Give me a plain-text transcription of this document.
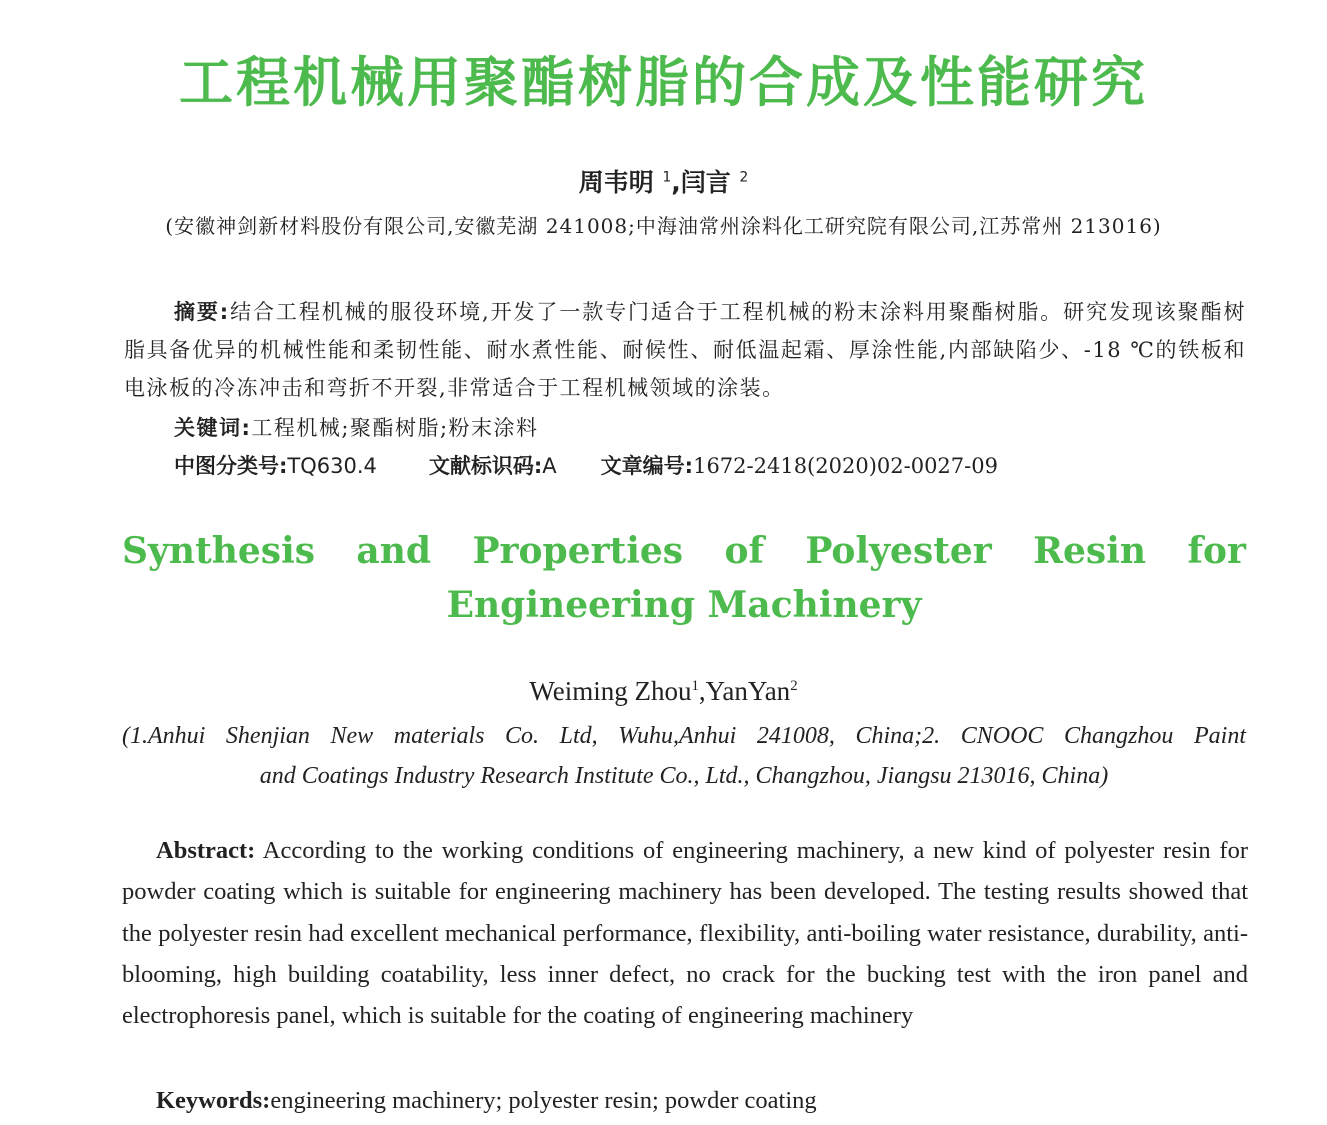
工程机械用聚酯树脂的合成及性能研究
周韦明 $^1$,闫言 $^2$
(安徽神剑新材料股份有限公司,安徽芜湖 241008;中海油常州涂料化工研究院有限公司,江苏常州 213016)

摘要:结合工程机械的服役环境,开发了一款专门适合于工程机械的粉末涂料用聚酯树脂。研究发现该聚酯树脂具备优异的机械性能和柔韧性能、耐水煮性能、耐候性、耐低温起霜、厚涂性能,内部缺陷少、-18 ℃的铁板和电泳板的冷冻冲击和弯折不开裂,非常适合于工程机械领域的涂装。

关键词:工程机械;聚酯树脂;粉末涂料
中图分类号:TQ630.4 文献标识码:A 文章编号:1672-2418(2020)02-0027-09
Synthesis and Properties of Polyester Resin for
Engineering Machinery
Weiming Zhou$^1$,YanYan$^2$

(1.Anhui Shenjian New materials Co. Ltd, Wuhu,Anhui 241008, China;2. CNOOC Changzhou Paint
and Coatings Industry Research Institute Co., Ltd., Changzhou, Jiangsu 213016, China)

Abstract: According to the working conditions of engineering machinery, a new kind of polyester resin for powder coating which is suitable for engineering machinery has been developed. The testing results showed that the polyester resin had excellent mechanical performance, flexibility, anti-boiling water resistance, durability, anti-blooming, high building coatability, less inner defect, no crack for the bucking test with the iron panel and electrophoresis panel, which is suitable for the coating of engineering machinery

Keywords:engineering machinery; polyester resin; powder coating
